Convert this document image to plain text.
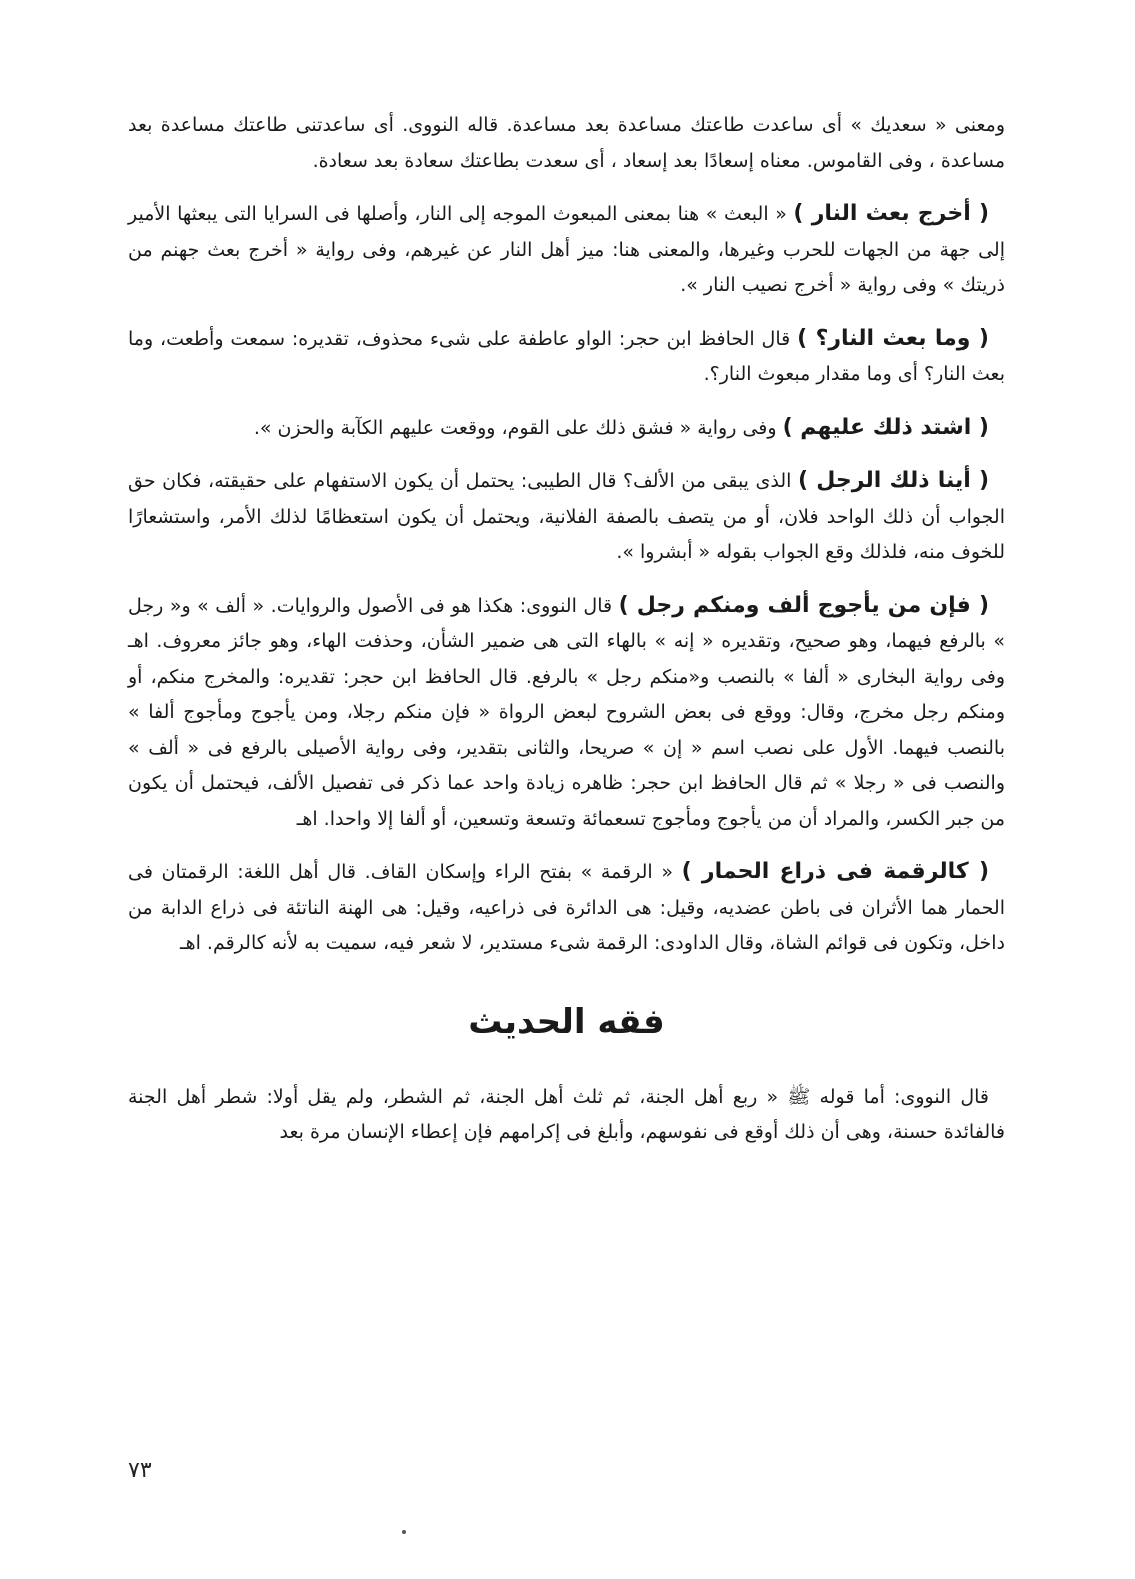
ومعنى « سعديك » أى ساعدت طاعتك مساعدة بعد مساعدة. قاله النووى. أى ساعدتنى طاعتك مساعدة بعد مساعدة ، وفى القاموس. معناه إسعادًا بعد إسعاد ، أى سعدت بطاعتك سعادة بعد سعادة.

( أخرج بعث النار ) « البعث » هنا بمعنى المبعوث الموجه إلى النار، وأصلها فى السرايا التى يبعثها الأمير إلى جهة من الجهات للحرب وغيرها، والمعنى هنا: ميز أهل النار عن غيرهم، وفى رواية « أخرج بعث جهنم من ذريتك » وفى رواية « أخرج نصيب النار ».

( وما بعث النار؟ ) قال الحافظ ابن حجر: الواو عاطفة على شىء محذوف، تقديره: سمعت وأطعت، وما بعث النار؟ أى وما مقدار مبعوث النار؟.

( اشتد ذلك عليهم ) وفى رواية « فشق ذلك على القوم، ووقعت عليهم الكآبة والحزن ».

( أينا ذلك الرجل ) الذى يبقى من الألف؟ قال الطيبى: يحتمل أن يكون الاستفهام على حقيقته، فكان حق الجواب أن ذلك الواحد فلان، أو من يتصف بالصفة الفلانية، ويحتمل أن يكون استعظامًا لذلك الأمر، واستشعارًا للخوف منه، فلذلك وقع الجواب بقوله « أبشروا ».

( فإن من يأجوج ألف ومنكم رجل ) قال النووى: هكذا هو فى الأصول والروايات. « ألف » و« رجل » بالرفع فيهما، وهو صحيح، وتقديره « إنه » بالهاء التى هى ضمير الشأن، وحذفت الهاء، وهو جائز معروف. اهـ وفى رواية البخارى « ألفا » بالنصب و«منكم رجل » بالرفع. قال الحافظ ابن حجر: تقديره: والمخرج منكم، أو ومنكم رجل مخرج، وقال: ووقع فى بعض الشروح لبعض الرواة « فإن منكم رجلا، ومن يأجوج ومأجوج ألفا » بالنصب فيهما. الأول على نصب اسم « إن » صريحا، والثانى بتقدير، وفى رواية الأصيلى بالرفع فى « ألف » والنصب فى « رجلا » ثم قال الحافظ ابن حجر: ظاهره زيادة واحد عما ذكر فى تفصيل الألف، فيحتمل أن يكون من جبر الكسر، والمراد أن من يأجوج ومأجوج تسعمائة وتسعة وتسعين، أو ألفا إلا واحدا. اهـ

( كالرقمة فى ذراع الحمار ) « الرقمة » بفتح الراء وإسكان القاف. قال أهل اللغة: الرقمتان فى الحمار هما الأثران فى باطن عضديه، وقيل: هى الدائرة فى ذراعيه، وقيل: هى الهنة الناتئة فى ذراع الدابة من داخل، وتكون فى قوائم الشاة، وقال الداودى: الرقمة شىء مستدير، لا شعر فيه، سميت به لأنه كالرقم. اهـ

فقه الحديث

قال النووى: أما قوله ﷺ « ربع أهل الجنة، ثم ثلث أهل الجنة، ثم الشطر، ولم يقل أولا: شطر أهل الجنة فالفائدة حسنة، وهى أن ذلك أوقع فى نفوسهم، وأبلغ فى إكرامهم فإن إعطاء الإنسان مرة بعد

٧٣
